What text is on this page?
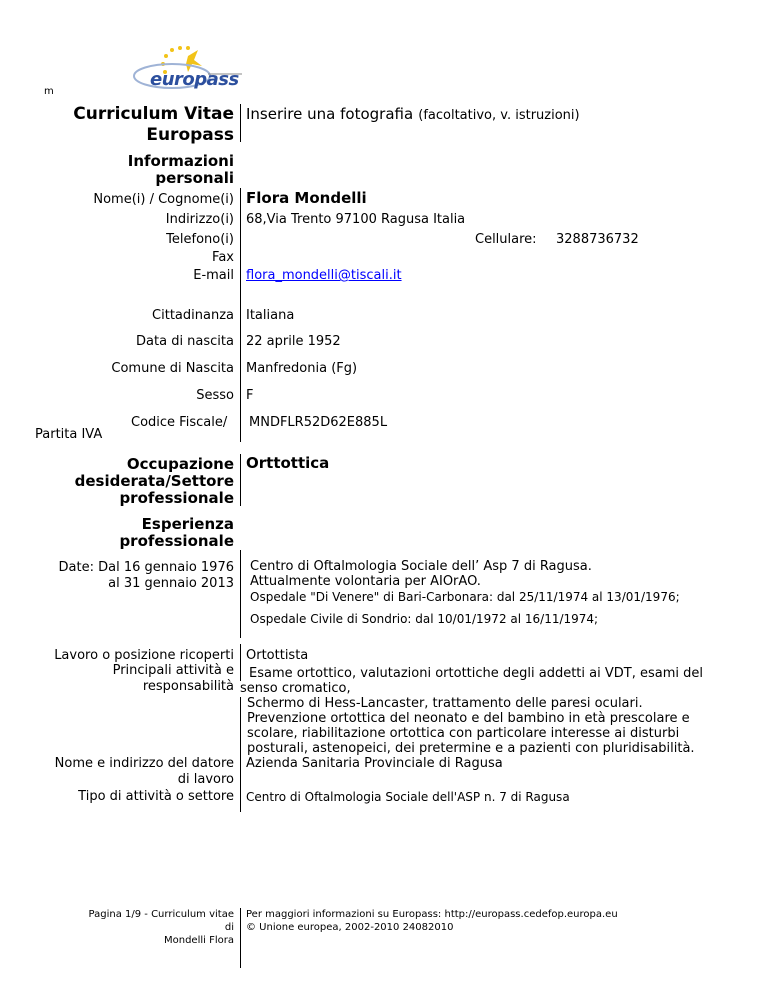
europass
m
Curriculum Vitae
Europass
Inserire una fotografia (facoltativo, v. istruzioni)
Informazioni
personali
Nome(i) / Cognome(i) Flora Mondelli
Indirizzo(i) 68,Via Trento 97100 Ragusa Italia
Telefono(i)	Cellulare: 3288736732
Fax
E-mail flora_mondelli@tiscali.it
Cittadinanza Italiana
Data di nascita 22 aprile 1952
Comune di Nascita Manfredonia (Fg)
Sesso F
Codice Fiscale/
Partita IVA
MNDFLR52D62E885L
Occupazione
desiderata/Settore
professionale
Orttottica
Esperienza
professionale
Date: Dal 16 gennaio 1976
al 31 gennaio 2013
Centro di Oftalmologia Sociale dell’ Asp 7 di Ragusa.
Attualmente volontaria per AIOrAO.
Ospedale "Di Venere" di Bari-Carbonara: dal 25/11/1974 al 13/01/1976;
Ospedale Civile di Sondrio: dal 10/01/1972 al 16/11/1974;
Lavoro o posizione ricoperti Ortottista
Principali attività e
responsabilità
Esame ortottico, valutazioni ortottiche degli addetti ai VDT, esami del
senso cromatico,
Schermo di Hess-Lancaster, trattamento delle paresi oculari.
Prevenzione ortottica del neonato e del bambino in età prescolare e
scolare, riabilitazione ortottica con particolare interesse ai disturbi
posturali, astenopeici, dei pretermine e a pazienti con pluridisabilità.
Nome e indirizzo del datore
di lavoro
Azienda Sanitaria Provinciale di Ragusa
Tipo di attività o settore Centro di Oftalmologia Sociale dell'ASP n. 7 di Ragusa
Pagina 1/9 - Curriculum vitae
di
Mondelli Flora
Per maggiori informazioni su Europass: http://europass.cedefop.europa.eu
© Unione europea, 2002-2010 24082010
